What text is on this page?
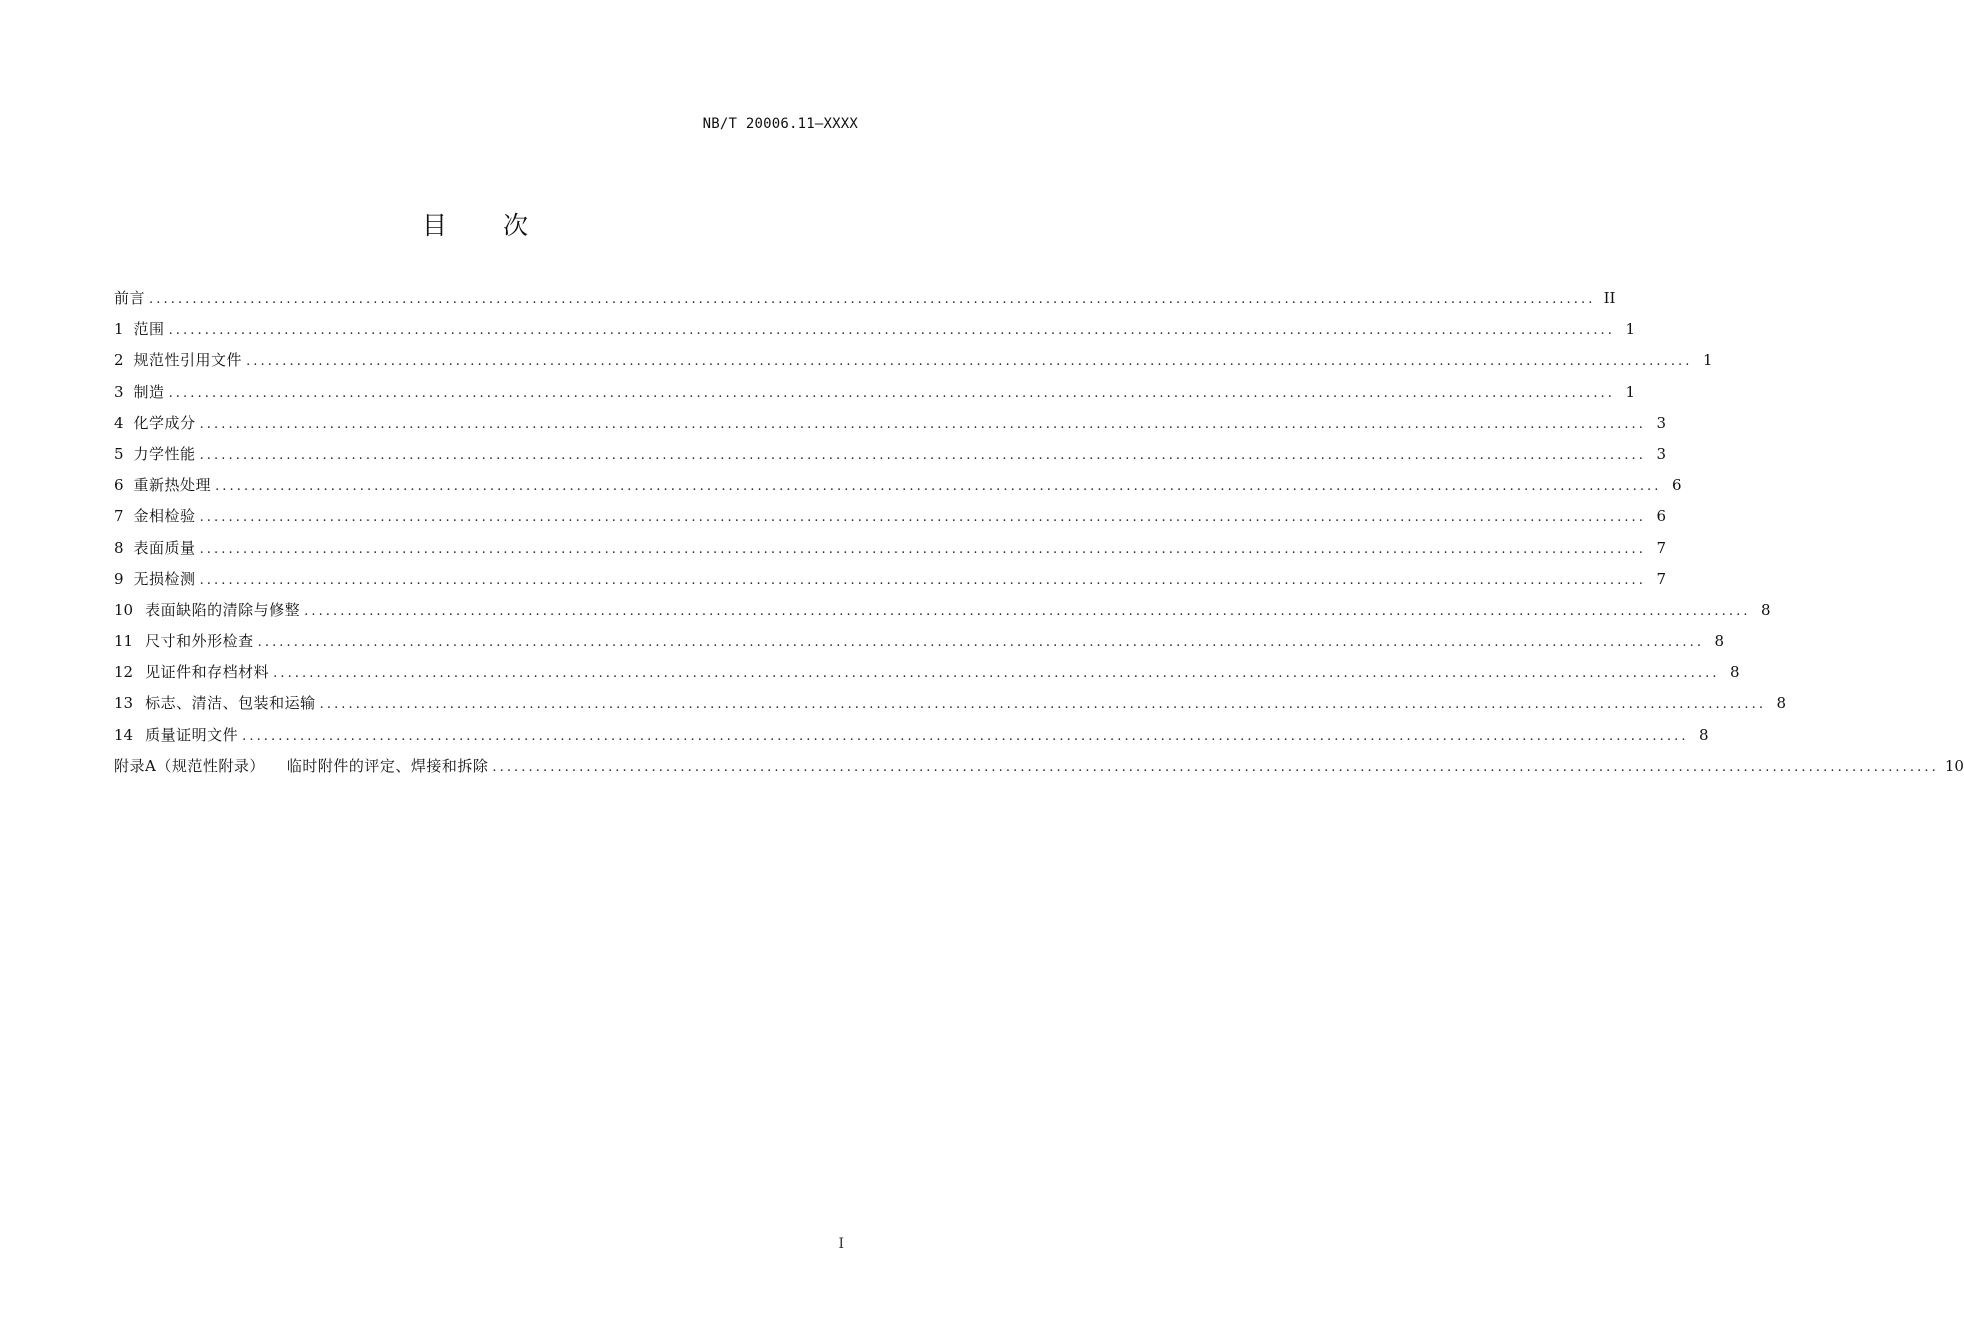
NB/T 20006.11—XXXX
目 次
前言 ........................................................................................................................................................................................................ II
1 范围 ........................................................................................................................................................................................................ 1
2 规范性引用文件 ........................................................................................................................................................................................................ 1
3 制造 ........................................................................................................................................................................................................ 1
4 化学成分 ........................................................................................................................................................................................................ 3
5 力学性能 ........................................................................................................................................................................................................ 3
6 重新热处理 ........................................................................................................................................................................................................ 6
7 金相检验 ........................................................................................................................................................................................................ 6
8 表面质量 ........................................................................................................................................................................................................ 7
9 无损检测 ........................................................................................................................................................................................................ 7
10 表面缺陷的清除与修整 ........................................................................................................................................................................................................ 8
11 尺寸和外形检查 ........................................................................................................................................................................................................ 8
12 见证件和存档材料 ........................................................................................................................................................................................................ 8
13 标志、清洁、包装和运输 ........................................................................................................................................................................................................ 8
14 质量证明文件 ........................................................................................................................................................................................................ 8
附录A（规范性附录） 临时附件的评定、焊接和拆除 ........................................................................................................................................................................................................ 10
I
